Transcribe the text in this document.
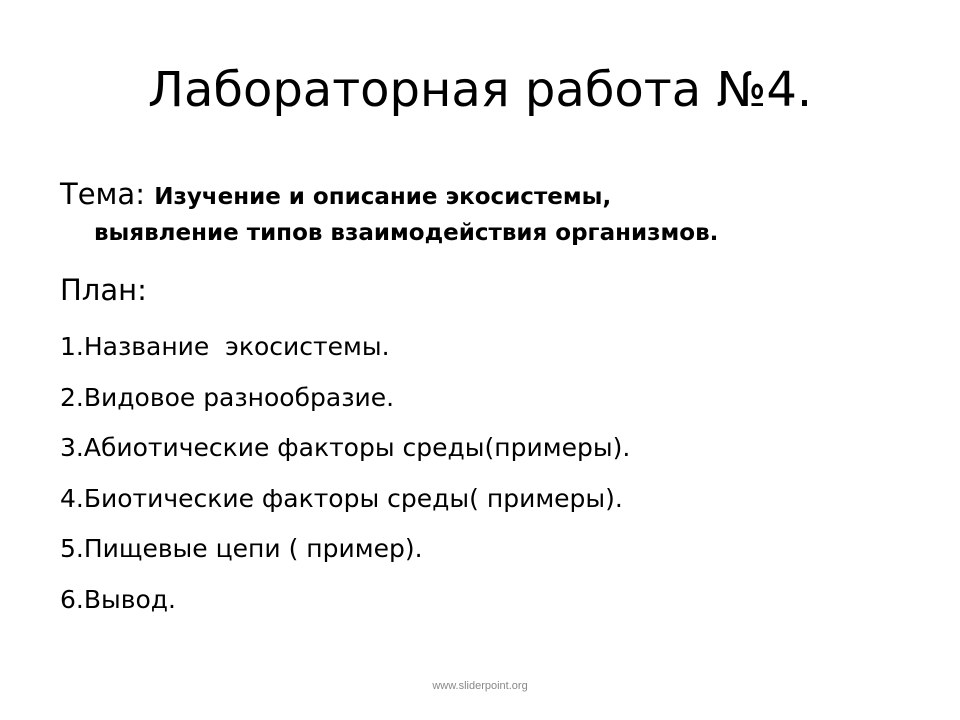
Лабораторная работа №4.
Тема: Изучение и описание экосистемы,
выявление типов взаимодействия организмов.
План:
1.Название  экосистемы.
2.Видовое разнообразие.
3.Абиотические факторы среды(примеры).
4.Биотические факторы среды( примеры).
5.Пищевые цепи ( пример).
6.Вывод.
www.sliderpoint.org
